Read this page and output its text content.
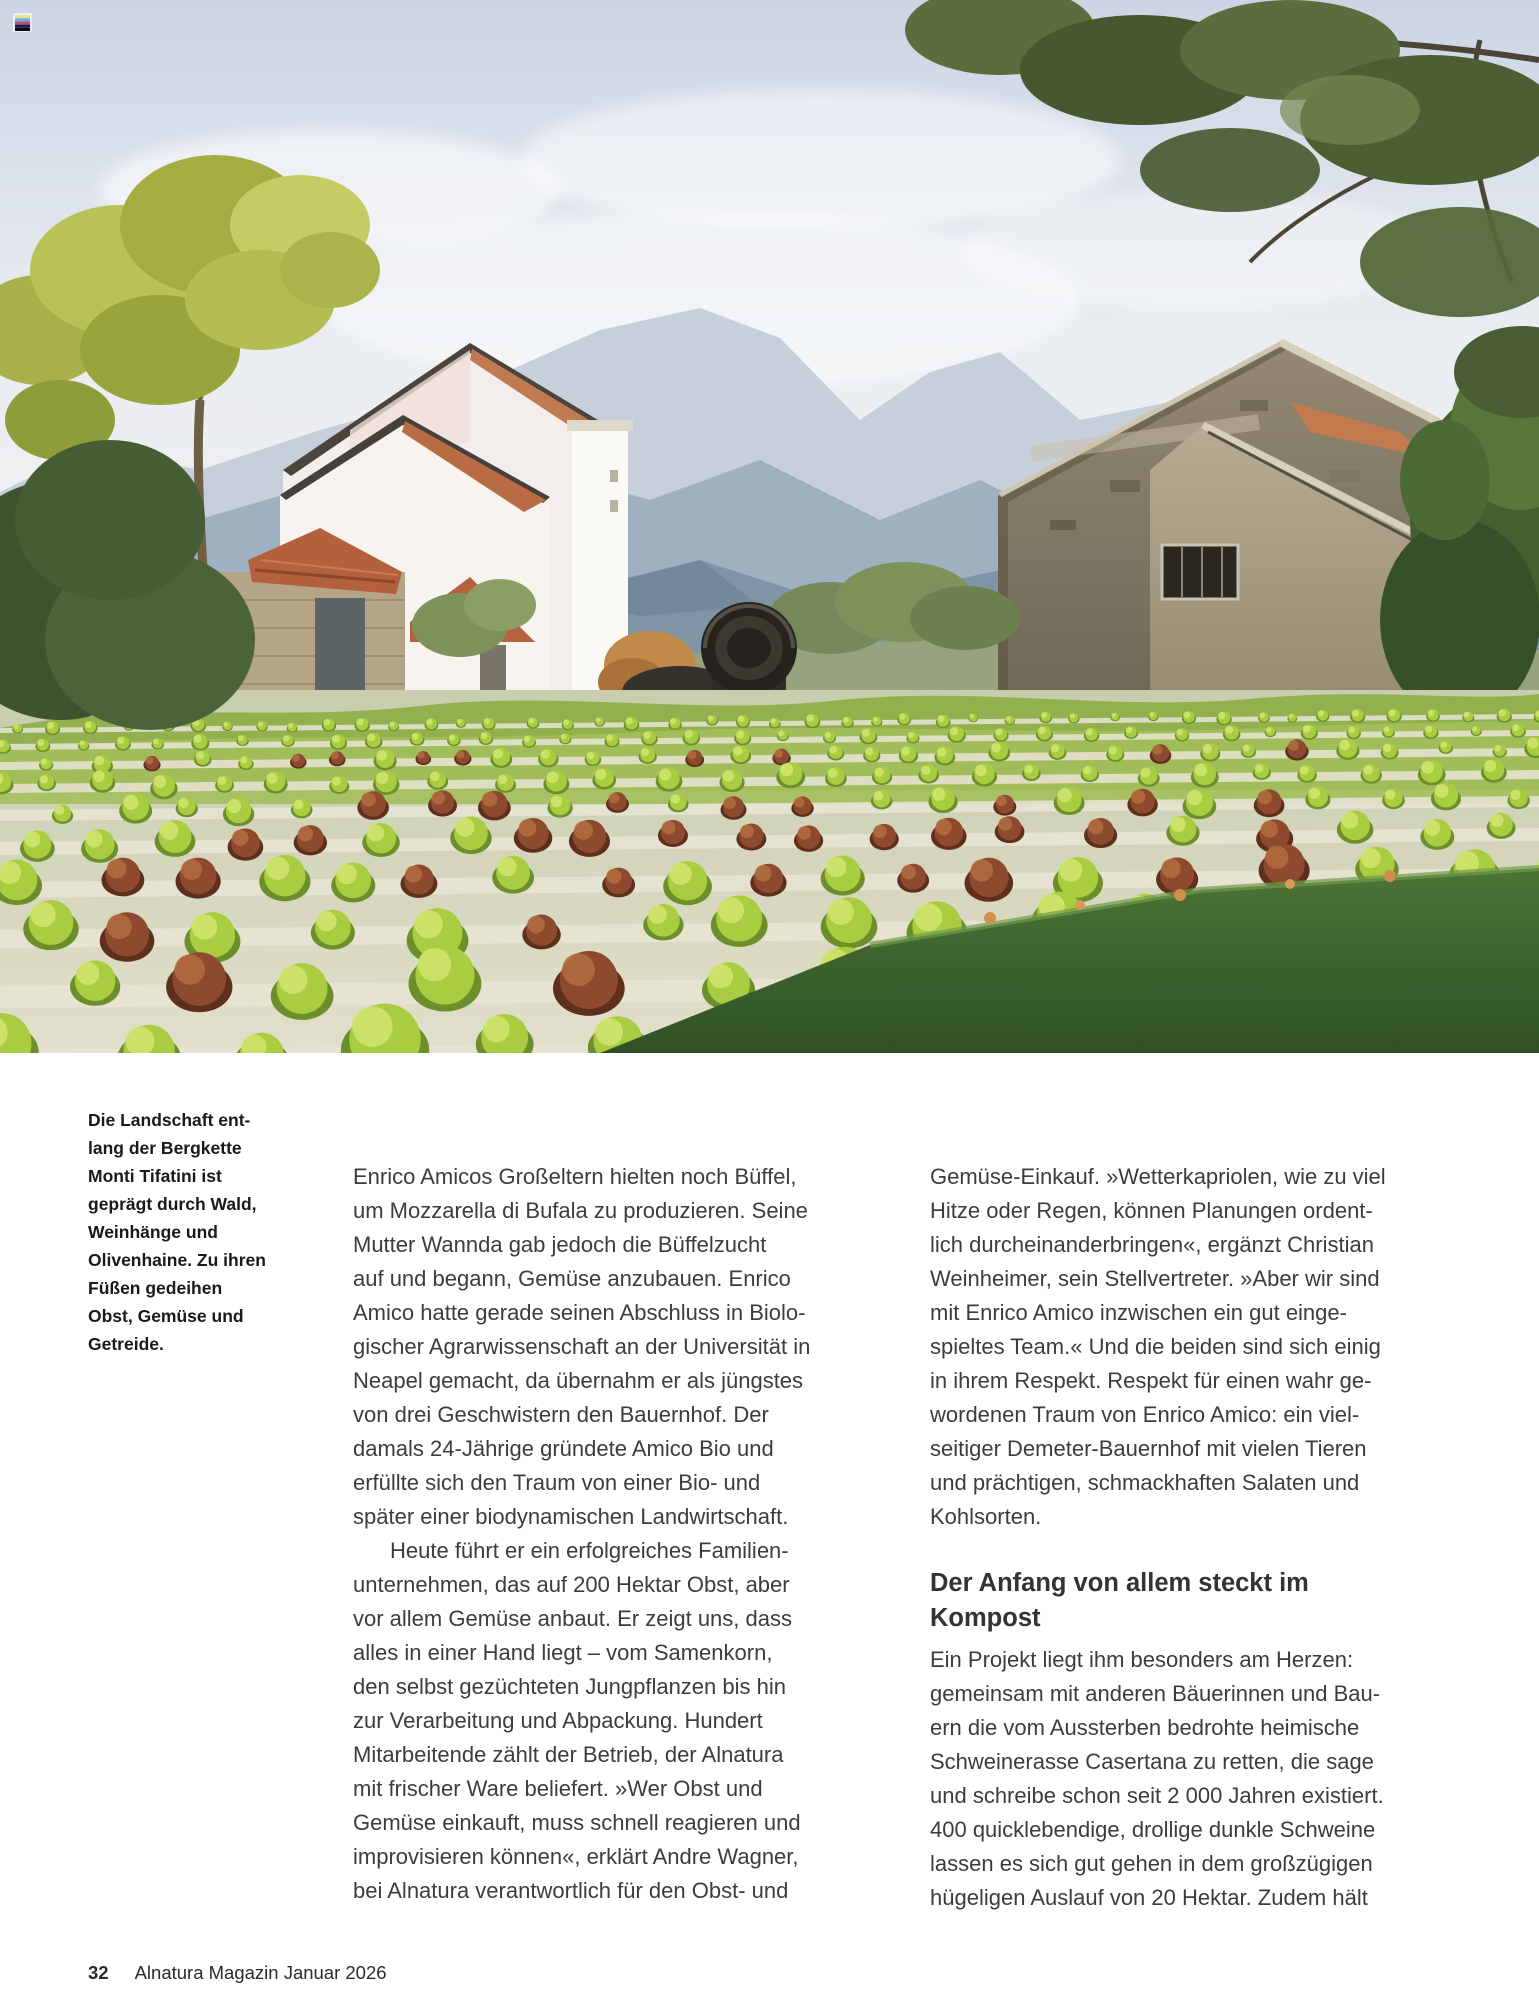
Die Landschaft ent-
lang der Bergkette
Monti Tifatini ist
geprägt durch Wald,
Weinhänge und
Olivenhaine. Zu ihren
Füßen gedeihen
Obst, Gemüse und
Getreide.
Enrico Amicos Großeltern hielten noch Büffel,
um Mozzarella di Bufala zu produzieren. Seine
Mutter Wannda gab jedoch die Büffelzucht
auf und begann, Gemüse anzubauen. Enrico
Amico hatte gerade seinen Abschluss in Biolo-
gischer Agrarwissenschaft an der Universität in
Neapel gemacht, da übernahm er als jüngstes
von drei Geschwistern den Bauernhof. Der
damals 24-Jährige gründete Amico Bio und
erfüllte sich den Traum von einer Bio- und
später einer biodynamischen Landwirtschaft.
Heute führt er ein erfolgreiches Familien-
unternehmen, das auf 200 Hektar Obst, aber
vor allem Gemüse anbaut. Er zeigt uns, dass
alles in einer Hand liegt – vom Samenkorn,
den selbst gezüchteten Jungpflanzen bis hin
zur Verarbeitung und Abpackung. Hundert
Mitarbeitende zählt der Betrieb, der Alnatura
mit frischer Ware beliefert. »Wer Obst und
Gemüse einkauft, muss schnell reagieren und
improvisieren können«, erklärt Andre Wagner,
bei Alnatura verantwortlich für den Obst- und
Gemüse-Einkauf. »Wetterkapriolen, wie zu viel
Hitze oder Regen, können Planungen ordent-
lich durcheinanderbringen«, ergänzt Christian
Weinheimer, sein Stellvertreter. »Aber wir sind
mit Enrico Amico inzwischen ein gut einge-
spieltes Team.« Und die beiden sind sich einig
in ihrem Respekt. Respekt für einen wahr ge-
wordenen Traum von Enrico Amico: ein viel-
seitiger Demeter-Bauernhof mit vielen Tieren
und prächtigen, schmackhaften Salaten und
Kohlsorten.
Der Anfang von allem steckt im
Kompost
Ein Projekt liegt ihm besonders am Herzen:
gemeinsam mit anderen Bäuerinnen und Bau-
ern die vom Aussterben bedrohte heimische
Schweinerasse Casertana zu retten, die sage
und schreibe schon seit 2 000 Jahren existiert.
400 quicklebendige, drollige dunkle Schweine
lassen es sich gut gehen in dem großzügigen
hügeligen Auslauf von 20 Hektar. Zudem hält
32 Alnatura Magazin Januar 2026
